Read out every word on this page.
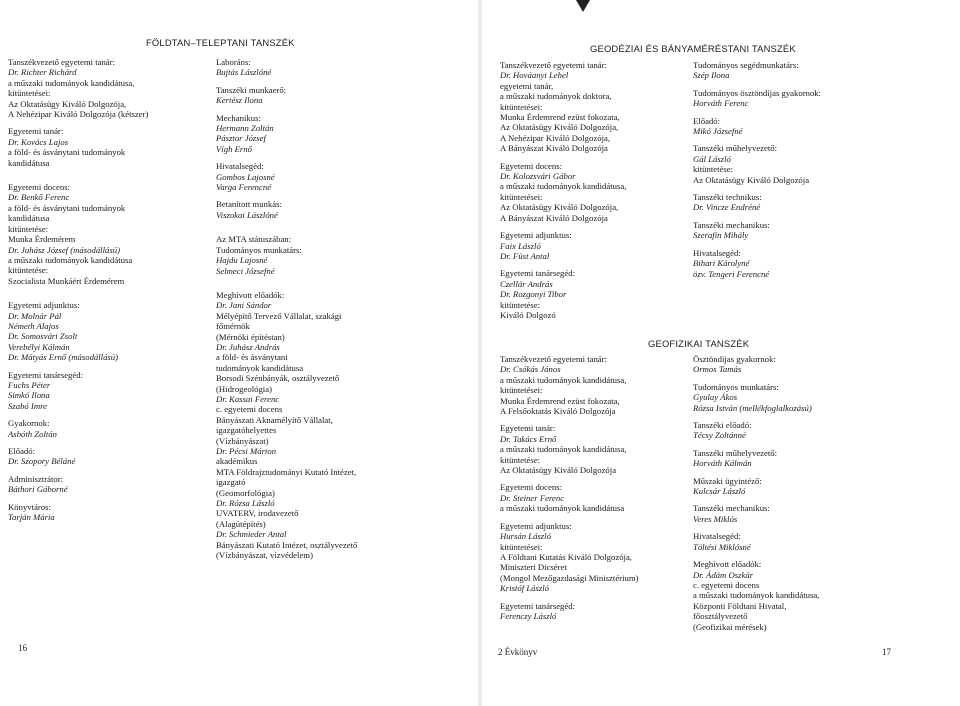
FÖLDTAN–TELEPTANI TANSZÉK
Tanszékvezető egyetemi tanár:
Dr. Richter Richárd
a műszaki tudományok kandidátusa,
kitüntetései:
Az Oktatásügy Kiváló Dolgozója,
A Nehézipar Kiváló Dolgozója (kétszer)
Egyetemi tanár:
Dr. Kovács Lajos
a föld- és ásványtani tudományok
kandidátusa
Egyetemi docens:
Dr. Benkő Ferenc
a föld- és ásványtani tudományok
kandidátusa
kitüntetése:
Munka Érdemérem
Dr. Juhász József (másodállású)
a műszaki tudományok kandidátusa
kitüntetése:
Szocialista Munkáért Érdemérem
Egyetemi adjunktus:
Dr. Molnár Pál
Németh Alajos
Dr. Somosvári Zsolt
Verebélyi Kálmán
Dr. Mátyás Ernő (másodállású)
Egyetemi tanársegéd:
Fuchs Péter
Simkó Ilona
Szabó Imre
Gyakornok:
Asbóth Zoltán
Előadó:
Dr. Szopory Béláné
Adminisztrátor:
Báthori Gáborné
Könyvtáros:
Tarján Mária
Laboráns:
Bujtás Lászlóné
Tanszéki munkaerő:
Kertész Ilona
Mechanikus:
Hermann Zoltán
Pásztor József
Vígh Ernő
Hivatalsegéd:
Gombos Lajosné
Varga Ferencné
Betanított munkás:
Viszokai Lászlóné
Az MTA státuszában:
Tudományos munkatárs:
Hajdu Lajosné
Selmeci Józsefné
Meghívott előadók:
Dr. Jani Sándor
Mélyépítő Tervező Vállalat, szakági
főmérnök
(Mérnöki építéstan)
Dr. Juhász András
a föld- és ásványtani
tudományok kandidátusa
Borsodi Szénbányák, osztályvezető
(Hidrogeológia)
Dr. Kassai Ferenc
c. egyetemi docens
Bányászati Aknamélyítő Vállalat,
igazgatóhelyettes
(Vízbányászat)
Dr. Pécsi Márton
akadémikus
MTA Földrajztudományi Kutató Intézet,
igazgató
(Geomorfológia)
Dr. Rózsa László
UVATERV, irodavezető
(Alagútépítés)
Dr. Schmieder Antal
Bányászati Kutató Intézet, osztályvezető
(Vízbányászat, vízvédelem)
16
GEODÉZIAI ÉS BÁNYAMÉRÉSTANI TANSZÉK
Tanszékvezető egyetemi tanár:
Dr. Hováanyi Lehel
egyetemi tanár,
a műszaki tudományok doktora,
kitüntetései:
Munka Érdemrend ezüst fokozata,
Az Oktatásügy Kiváló Dolgozója,
A Nehézipar Kiváló Dolgozója,
A Bányászat Kiváló Dolgozója
Egyetemi docens:
Dr. Kolozsvári Gábor
a műszaki tudományok kandidátusa,
kitüntetései:
Az Oktatásügy Kiváló Dolgozója,
A Bányászat Kiváló Dolgozója
Egyetemi adjunktus:
Faix László
Dr. Füst Antal
Egyetemi tanársegéd:
Czellár András
Dr. Rozgonyi Tibor
kitüntetése:
Kiváló Dolgozó
Tudományos segédmunkatárs:
Szép Ilona
Tudományos ösztöndíjas gyakornok:
Horváth Ferenc
Előadó:
Mikó Józsefné
Tanszéki műhelyvezető:
Gál László
kitüntetése:
Az Oktatásügy Kiváló Dolgozója
Tanszéki technikus:
Dr. Vincze Endréné
Tanszéki mechanikus:
Szerafin Mihály
Hivatalsegéd:
Bihari Károlyné
özv. Tengeri Ferencné
GEOFIZIKAI TANSZÉK
Tanszékvezető egyetemi tanár:
Dr. Csókás János
a műszaki tudományok kandidátusa,
kitüntetései:
Munka Érdemrend ezüst fokozata,
A Felsőoktatás Kiváló Dolgozója
Egyetemi tanár:
Dr. Takács Ernő
a műszaki tudományok kandidátusa,
kitüntetése:
Az Oktatásügy Kiváló Dolgozója
Egyetemi docens:
Dr. Steiner Ferenc
a műszaki tudományok kandidátusa
Egyetemi adjunktus:
Hursán László
kitüntetései:
A Földtani Kutatás Kiváló Dolgozója,
Miniszteri Dicséret
(Mongol Mezőgazdasági Minisztérium)
Kristóf László
Egyetemi tanársegéd:
Ferenczy László
Ösztöndíjas gyakornok:
Ormos Tamás
Tudományos munkatárs:
Gyulay Ákos
Rózsa István (mellékfoglalkozású)
Tanszéki előadó:
Técsy Zoltánné
Tanszéki műhelyvezető:
Horváth Kálmán
Műszaki ügyintéző:
Kulcsár László
Tanszéki mechanikus:
Veres Miklós
Hivatalsegéd:
Töltési Miklósné
Meghívott előadók:
Dr. Ádám Oszkár
c. egyetemi docens
a műszaki tudományok kandidátusa,
Központi Földtani Hivatal,
főosztályvezető
(Geofizikai mérések)
2 Évkönyv	17
